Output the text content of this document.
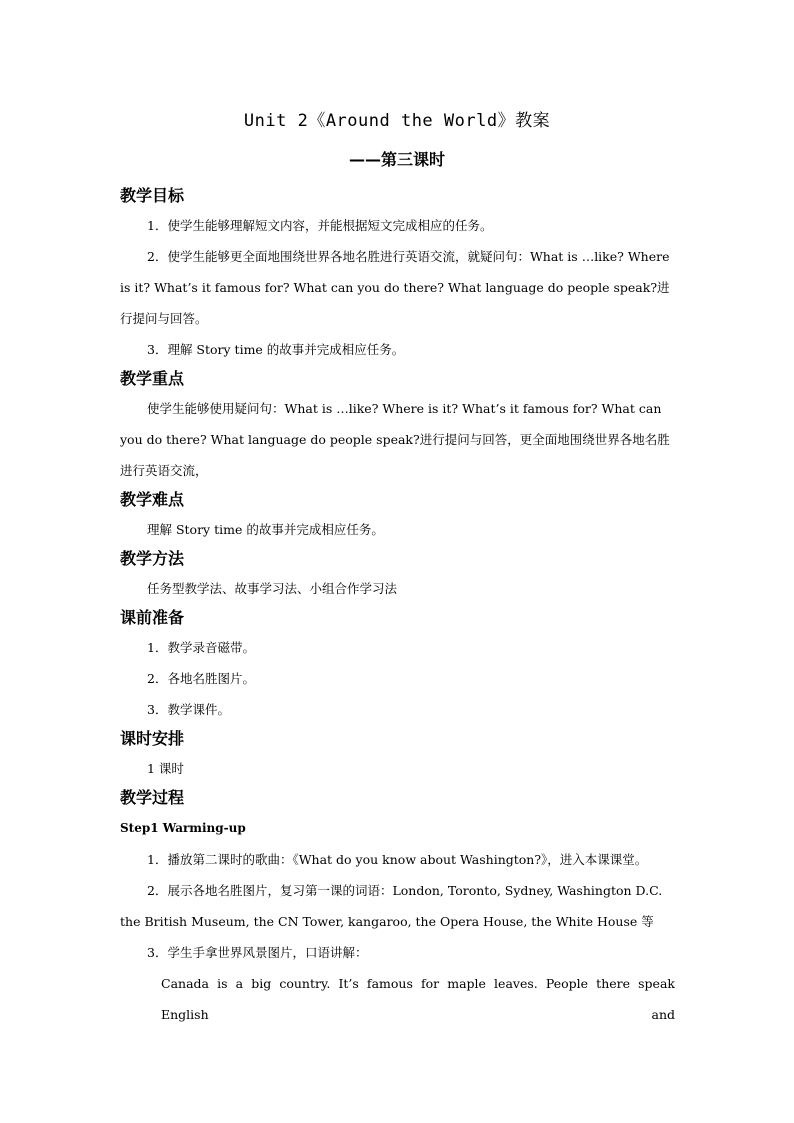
Unit 2《Around the World》教案
——第三课时
教学目标
1．使学生能够理解短文内容，并能根据短文完成相应的任务。
2．使学生能够更全面地围绕世界各地名胜进行英语交流，就疑问句：What is …like? Where is it? What’s it famous for? What can you do there? What language do people speak?进行提问与回答。
3．理解 Story time 的故事并完成相应任务。
教学重点
使学生能够使用疑问句：What is …like? Where is it? What’s it famous for? What can you do there? What language do people speak?进行提问与回答，更全面地围绕世界各地名胜进行英语交流，
教学难点
理解 Story time 的故事并完成相应任务。
教学方法
任务型教学法、故事学习法、小组合作学习法
课前准备
1．教学录音磁带。
2．各地名胜图片。
3．教学课件。
课时安排
1 课时
教学过程
Step1 Warming-up
1．播放第二课时的歌曲：《What do you know about Washington?》，进入本课课堂。
2．展示各地名胜图片，复习第一课的词语：London, Toronto, Sydney, Washington D.C. the British Museum, the CN Tower, kangaroo, the Opera House, the White House 等
3．学生手拿世界风景图片，口语讲解：
Canada is a big country. It’s famous for maple leaves. People there speak English and
